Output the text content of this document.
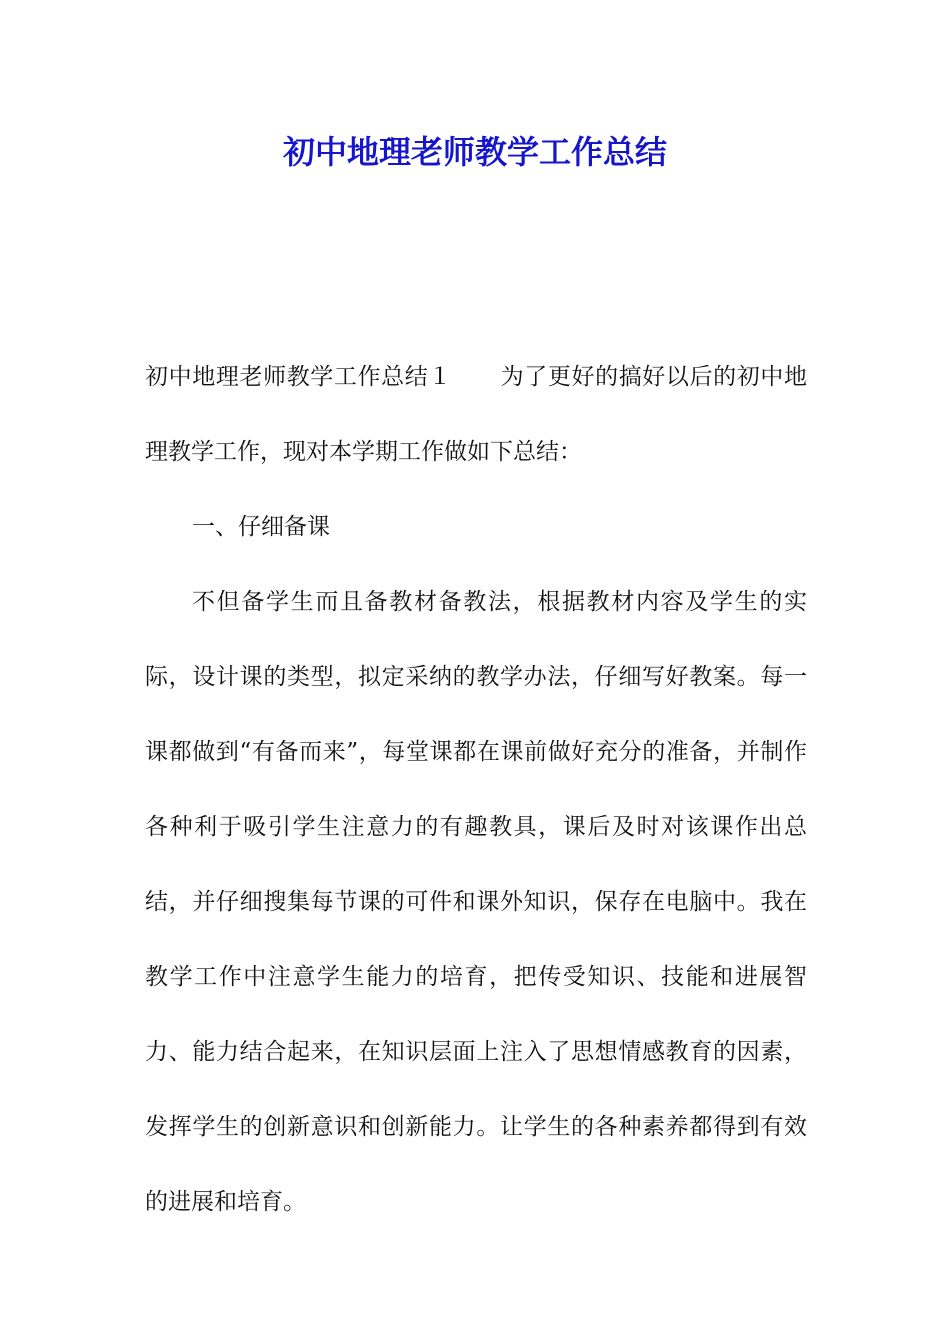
初中地理老师教学工作总结

初中地理老师教学工作总结１ 为了更好的搞好以后的初中地理教学工作，现对本学期工作做如下总结：

一、仔细备课

不但备学生而且备教材备教法，根据教材内容及学生的实际，设计课的类型，拟定采纳的教学办法，仔细写好教案。每一课都做到“有备而来”，每堂课都在课前做好充分的准备，并制作各种利于吸引学生注意力的有趣教具，课后及时对该课作出总结，并仔细搜集每节课的可件和课外知识，保存在电脑中。我在教学工作中注意学生能力的培育，把传受知识、技能和进展智力、能力结合起来，在知识层面上注入了思想情感教育的因素，发挥学生的创新意识和创新能力。让学生的各种素养都得到有效的进展和培育。
